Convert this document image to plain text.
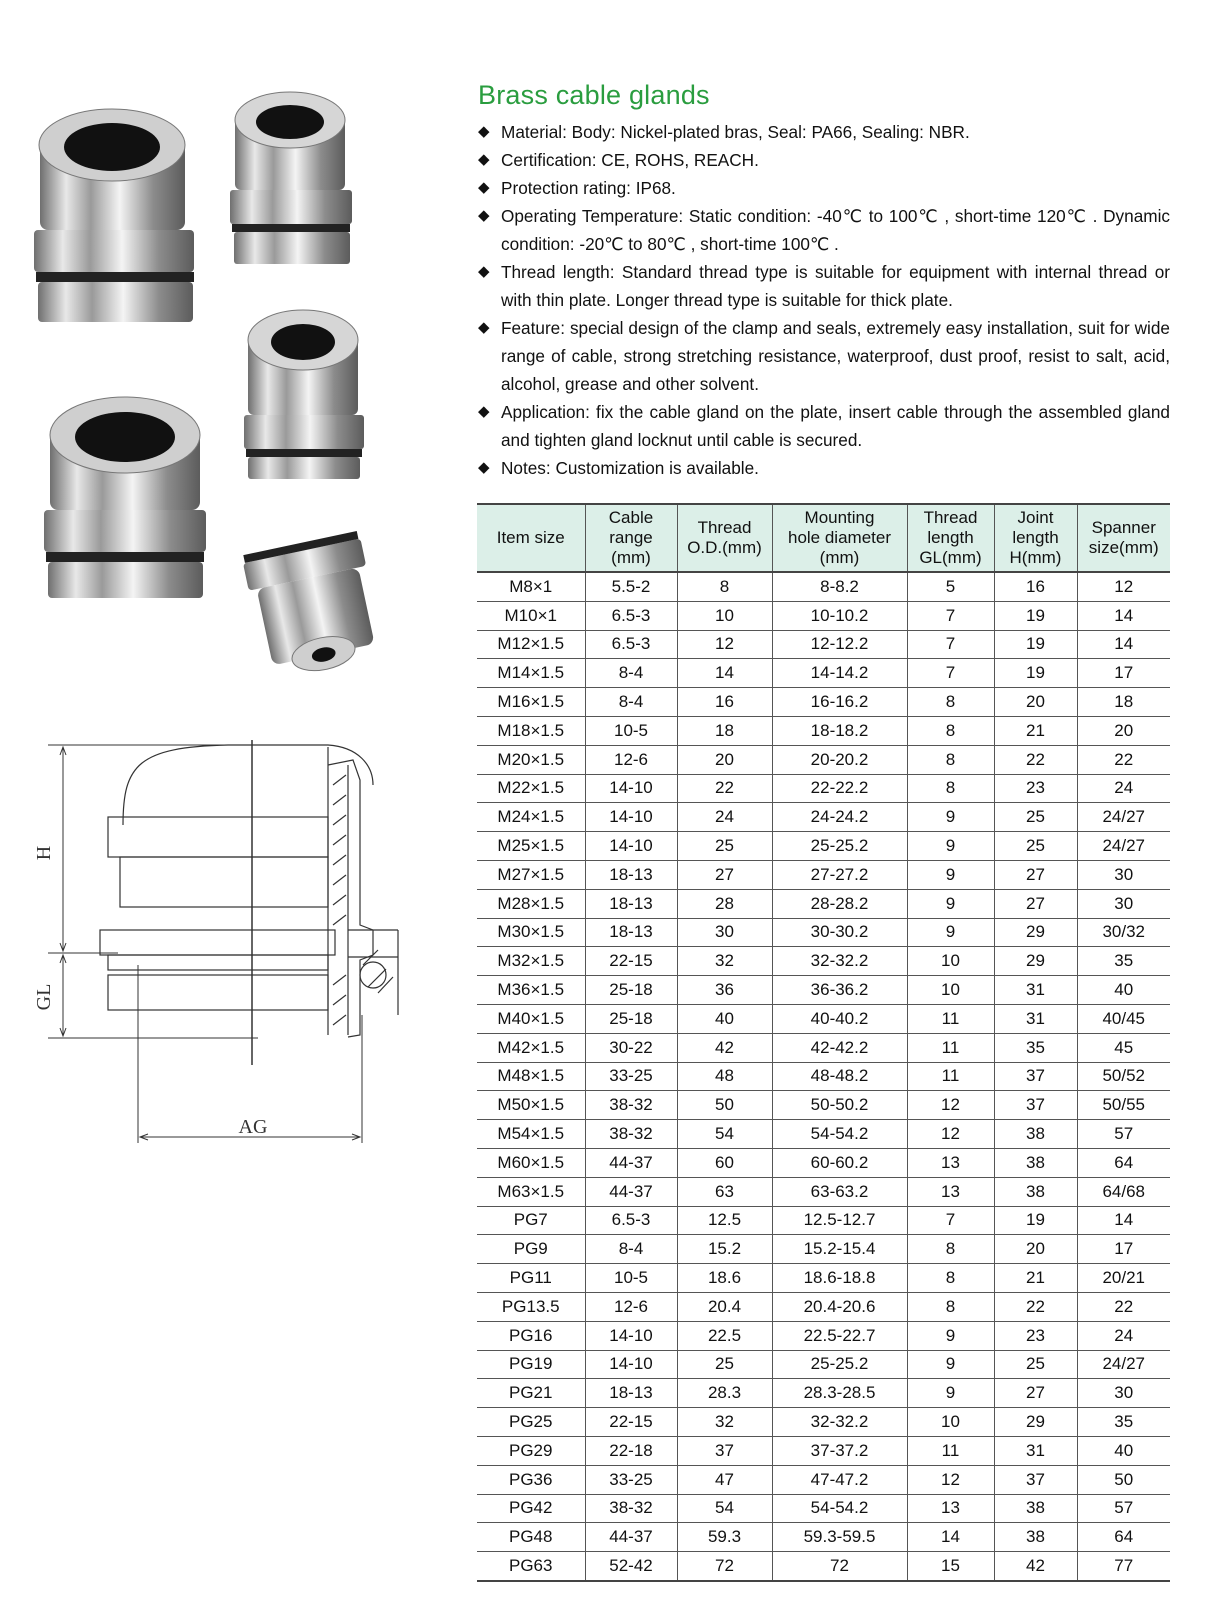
H
GL
AG
Brass cable glands
◆ Material: Body: Nickel-plated bras, Seal: PA66, Sealing: NBR.
◆ Certification: CE, ROHS, REACH.
◆ Protection rating: IP68.
◆ Operating Temperature: Static condition: -40℃ to 100℃ , short-time 120℃ . Dynamic condition: -20℃ to 80℃ , short-time 100℃ .
◆ Thread length: Standard thread type is suitable for equipment with internal thread or with thin plate. Longer thread type is suitable for thick plate.
◆ Feature: special design of the clamp and seals, extremely easy installation, suit for wide range of cable, strong stretching resistance, waterproof, dust proof, resist to salt, acid, alcohol, grease and other solvent.
◆ Application: fix the cable gland on the plate, insert cable through the assembled gland and tighten gland locknut until cable is secured.
◆ Notes: Customization is available.
Item size	Cable
range
(mm)	Thread
O.D.(mm)	Mounting
hole diameter
(mm)	Thread
length
GL(mm)	Joint
length
H(mm)	Spanner
size(mm)
M8×1	5.5-2	8	8-8.2	5	16	12
M10×1	6.5-3	10	10-10.2	7	19	14
M12×1.5	6.5-3	12	12-12.2	7	19	14
M14×1.5	8-4	14	14-14.2	7	19	17
M16×1.5	8-4	16	16-16.2	8	20	18
M18×1.5	10-5	18	18-18.2	8	21	20
M20×1.5	12-6	20	20-20.2	8	22	22
M22×1.5	14-10	22	22-22.2	8	23	24
M24×1.5	14-10	24	24-24.2	9	25	24/27
M25×1.5	14-10	25	25-25.2	9	25	24/27
M27×1.5	18-13	27	27-27.2	9	27	30
M28×1.5	18-13	28	28-28.2	9	27	30
M30×1.5	18-13	30	30-30.2	9	29	30/32
M32×1.5	22-15	32	32-32.2	10	29	35
M36×1.5	25-18	36	36-36.2	10	31	40
M40×1.5	25-18	40	40-40.2	11	31	40/45
M42×1.5	30-22	42	42-42.2	11	35	45
M48×1.5	33-25	48	48-48.2	11	37	50/52
M50×1.5	38-32	50	50-50.2	12	37	50/55
M54×1.5	38-32	54	54-54.2	12	38	57
M60×1.5	44-37	60	60-60.2	13	38	64
M63×1.5	44-37	63	63-63.2	13	38	64/68
PG7	6.5-3	12.5	12.5-12.7	7	19	14
PG9	8-4	15.2	15.2-15.4	8	20	17
PG11	10-5	18.6	18.6-18.8	8	21	20/21
PG13.5	12-6	20.4	20.4-20.6	8	22	22
PG16	14-10	22.5	22.5-22.7	9	23	24
PG19	14-10	25	25-25.2	9	25	24/27
PG21	18-13	28.3	28.3-28.5	9	27	30
PG25	22-15	32	32-32.2	10	29	35
PG29	22-18	37	37-37.2	11	31	40
PG36	33-25	47	47-47.2	12	37	50
PG42	38-32	54	54-54.2	13	38	57
PG48	44-37	59.3	59.3-59.5	14	38	64
PG63	52-42	72	72	15	42	77
